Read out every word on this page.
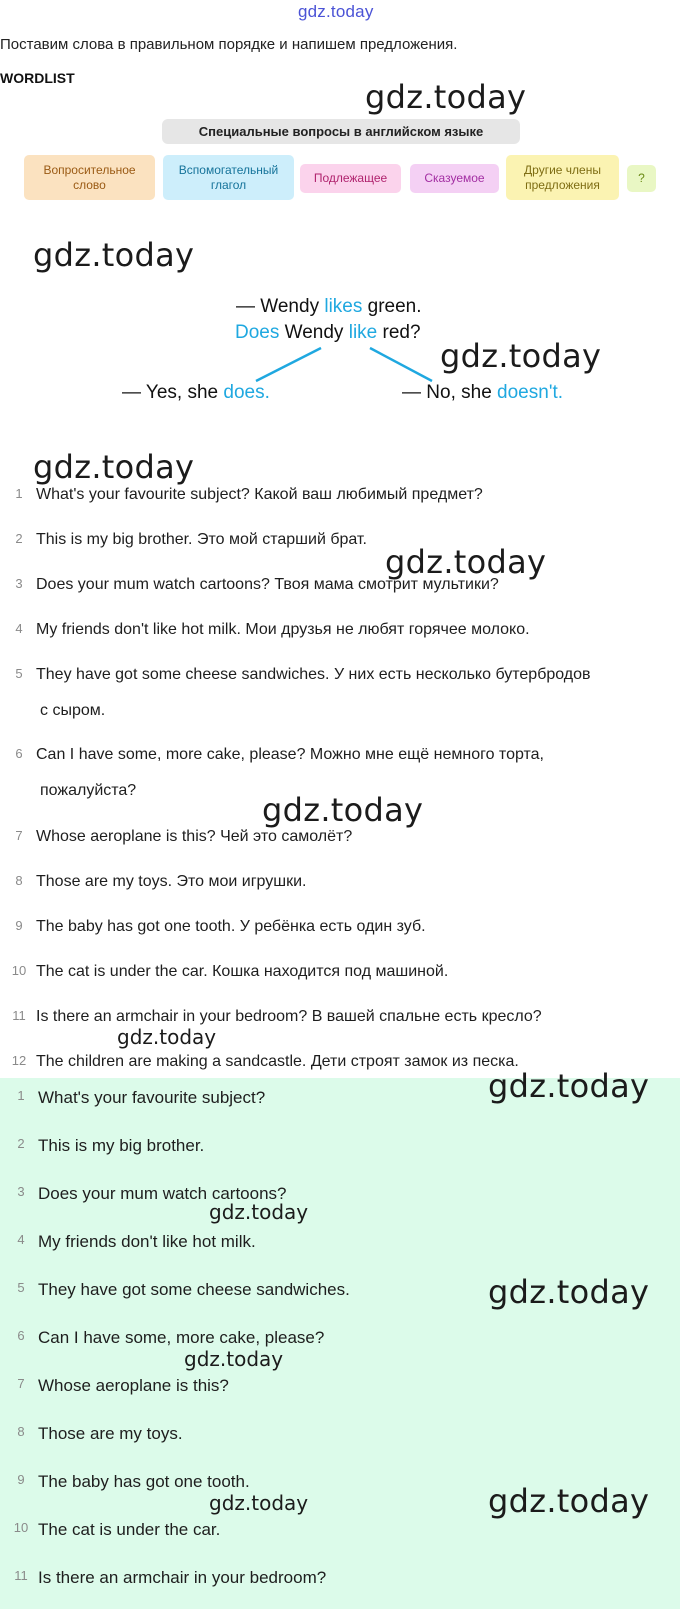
gdz.today
Поставим слова в правильном порядке и напишем предложения.
WORDLIST	gdz.today
Специальные вопросы в английском языке
Вопросительное слово
Вспомогательный глагол	Подлежащее	Сказуемое
Другие члены предложения	?
gdz.today
— Wendy likes green.
Does Wendy like red?
— Yes, she does.	— No, she doesn't.
gdz.today
gdz.today
1 What's your favourite subject? Какой ваш любимый предмет?
2 This is my big brother. Это мой старший брат.
3 Does your mum watch cartoons? Твоя мама смотрит мультики?
4 My friends don't like hot milk. Мои друзья не любят горячее молоко.
5 They have got some cheese sandwiches. У них есть несколько бутербродов
с сыром.
6 Can I have some, more cake, please? Можно мне ещё немного торта,
пожалуйста?
7 Whose aeroplane is this? Чей это самолёт?
8 Those are my toys. Это мои игрушки.
9 The baby has got one tooth. У ребёнка есть один зуб.
10 The cat is under the car. Кошка находится под машиной.
11 Is there an armchair in your bedroom? В вашей спальне есть кресло?
12 The children are making a sandcastle. Дети строят замок из песка.
gdz.today
gdz.today
1 What's your favourite subject?
2 This is my big brother.
3 Does your mum watch cartoons?
4 My friends don't like hot milk.
5 They have got some cheese sandwiches.
6 Can I have some, more cake, please?
7 Whose aeroplane is this?
8 Those are my toys.
9 The baby has got one tooth.
10 The cat is under the car.
11 Is there an armchair in your bedroom?
gdz.today
gdz.today
gdz.today
gdz.today
gdz.today
gdz.today	gdz.today
